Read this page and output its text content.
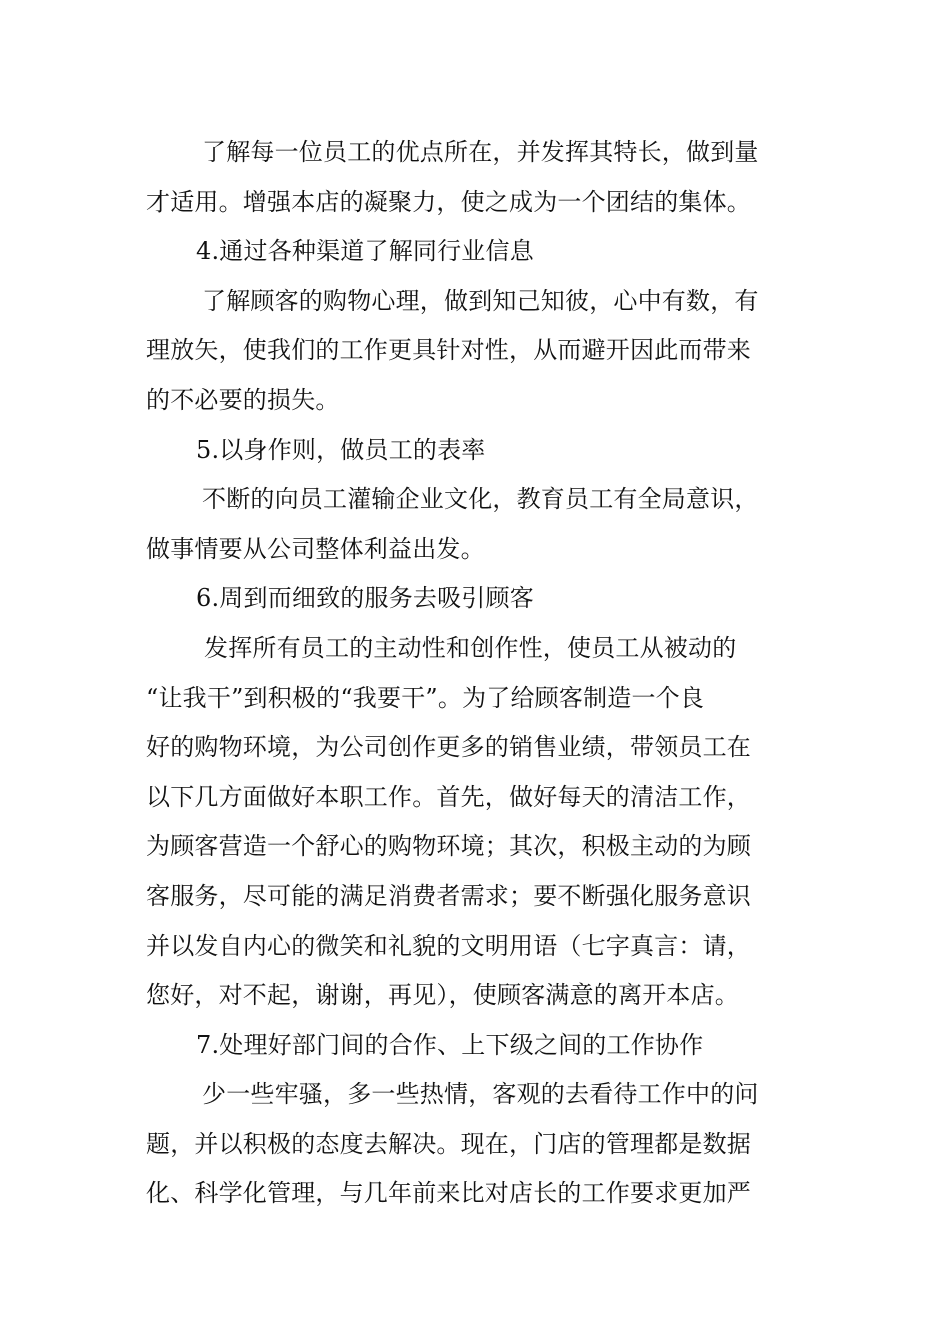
了解每一位员工的优点所在，并发挥其特长，做到量
才适用。增强本店的凝聚力，使之成为一个团结的集体。
4.通过各种渠道了解同行业信息
了解顾客的购物心理，做到知己知彼，心中有数，有
理放矢，使我们的工作更具针对性，从而避开因此而带来
的不必要的损失。
5.以身作则，做员工的表率
不断的向员工灌输企业文化，教育员工有全局意识，
做事情要从公司整体利益出发。
6.周到而细致的服务去吸引顾客
发挥所有员工的主动性和创作性，使员工从被动的
“让我干”到积极的“我要干”。为了给顾客制造一个良
好的购物环境，为公司创作更多的销售业绩，带领员工在
以下几方面做好本职工作。首先，做好每天的清洁工作，
为顾客营造一个舒心的购物环境；其次，积极主动的为顾
客服务，尽可能的满足消费者需求；要不断强化服务意识
并以发自内心的微笑和礼貌的文明用语（七字真言：请，
您好，对不起，谢谢，再见），使顾客满意的离开本店。
7.处理好部门间的合作、上下级之间的工作协作
少一些牢骚，多一些热情，客观的去看待工作中的问
题，并以积极的态度去解决。现在，门店的管理都是数据
化、科学化管理，与几年前来比对店长的工作要求更加严
